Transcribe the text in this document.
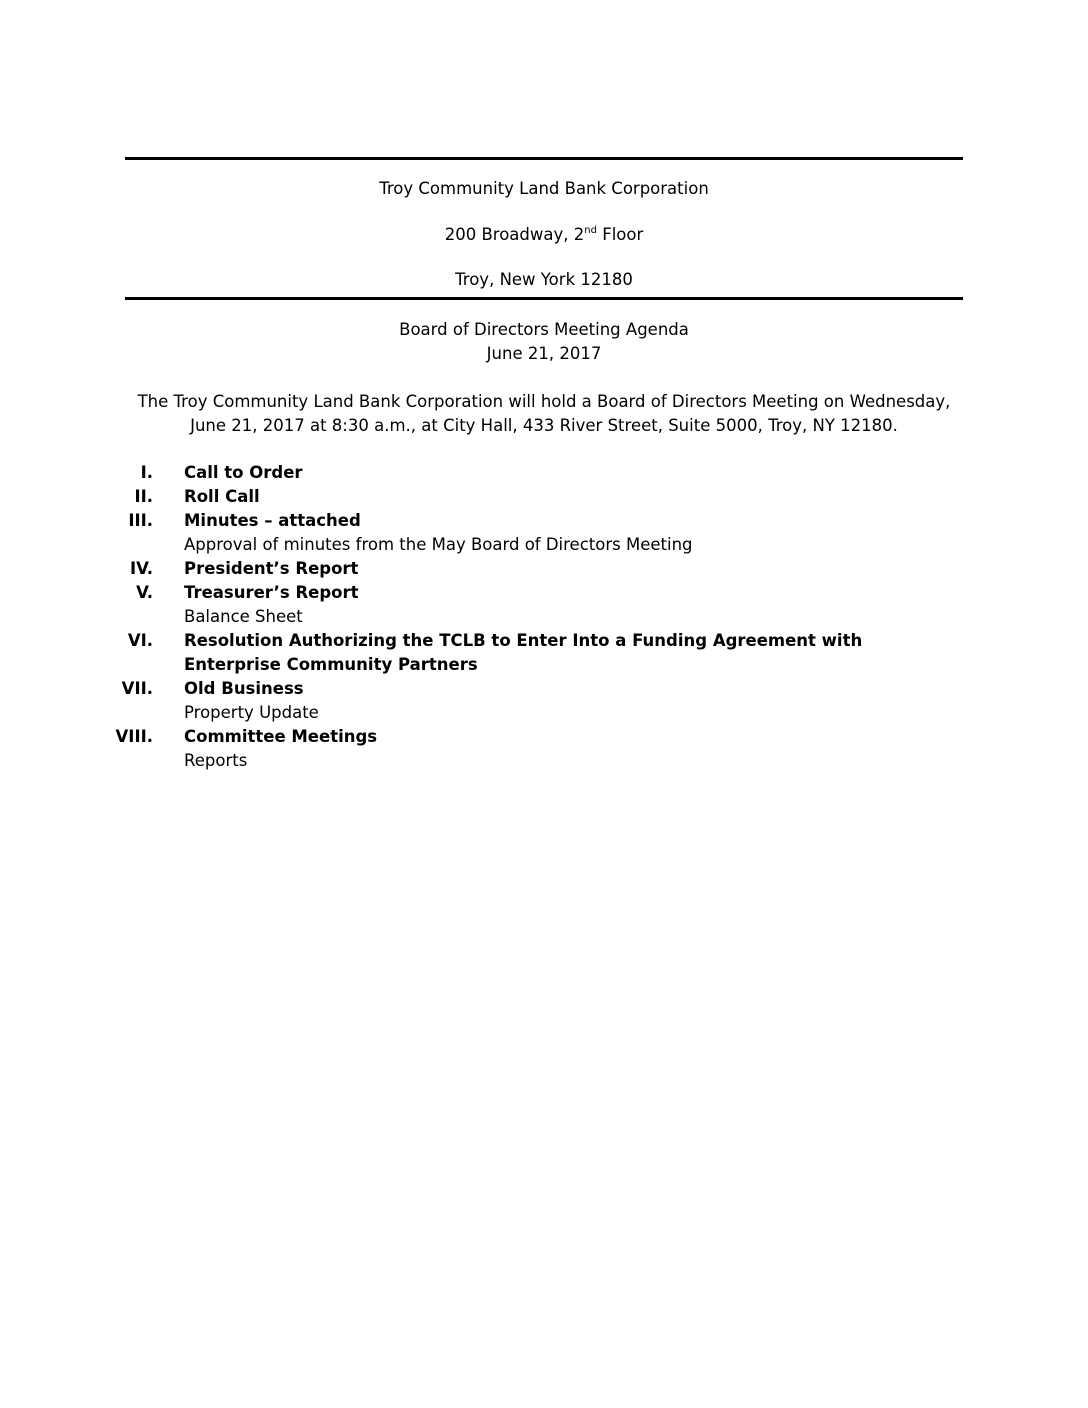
Troy Community Land Bank Corporation
200 Broadway, 2nd Floor
Troy, New York 12180
Board of Directors Meeting Agenda
June 21, 2017
The Troy Community Land Bank Corporation will hold a Board of Directors Meeting on Wednesday, June 21, 2017 at 8:30 a.m., at City Hall, 433 River Street, Suite 5000, Troy, NY 12180.
I. Call to Order
II. Roll Call
III. Minutes – attached
Approval of minutes from the May Board of Directors Meeting
IV. President’s Report
V. Treasurer’s Report
Balance Sheet
VI. Resolution Authorizing the TCLB to Enter Into a Funding Agreement with Enterprise Community Partners
VII. Old Business
Property Update
VIII. Committee Meetings
Reports
